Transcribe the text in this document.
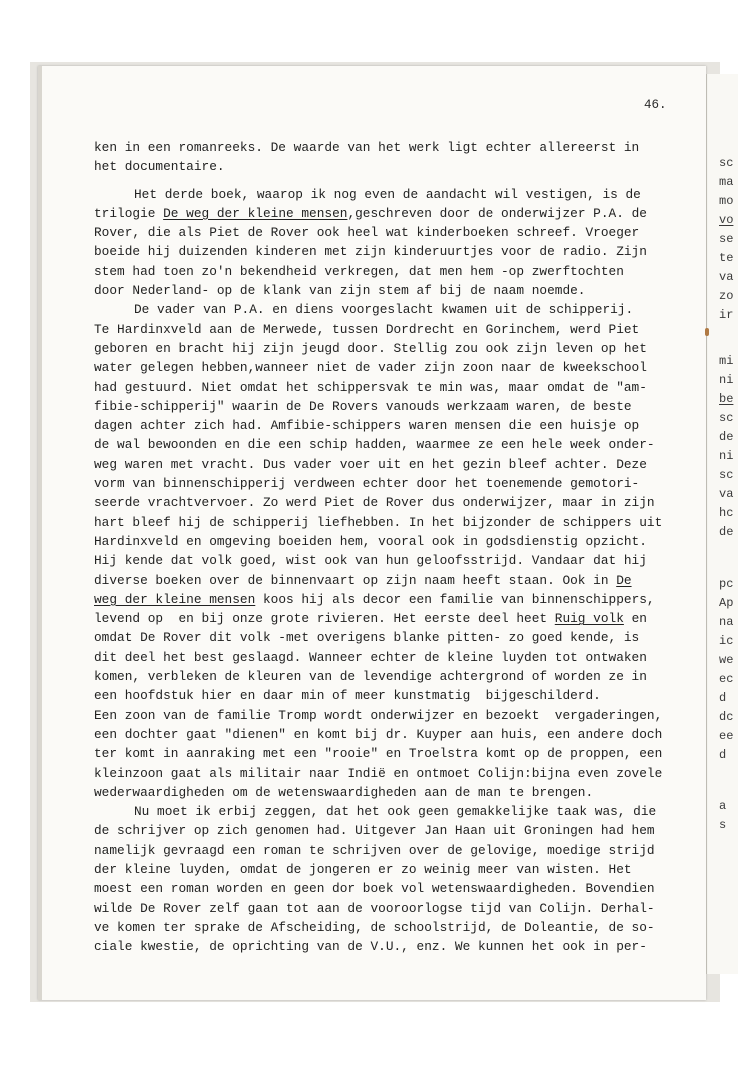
sc
ma
mo
vo
se
te
va
zo
ir
mi
ni
be
sc
de
ni
sc
va
hc
de
pc
Ap
na
ic
we
ec
d
dc
ee
d
a
s
46.
ken in een romanreeks. De waarde van het werk ligt echter allereerst in
het documentaire.
Het derde boek, waarop ik nog even de aandacht wil vestigen, is de
trilogie De weg der kleine mensen,geschreven door de onderwijzer P.A. de
Rover, die als Piet de Rover ook heel wat kinderboeken schreef. Vroeger
boeide hij duizenden kinderen met zijn kinderuurtjes voor de radio. Zijn
stem had toen zo'n bekendheid verkregen, dat men hem -op zwerftochten
door Nederland- op de klank van zijn stem af bij de naam noemde.
De vader van P.A. en diens voorgeslacht kwamen uit de schipperij.
Te Hardinxveld aan de Merwede, tussen Dordrecht en Gorinchem, werd Piet
geboren en bracht hij zijn jeugd door. Stellig zou ook zijn leven op het
water gelegen hebben,wanneer niet de vader zijn zoon naar de kweekschool
had gestuurd. Niet omdat het schippersvak te min was, maar omdat de "am-
fibie-schipperij" waarin de De Rovers vanouds werkzaam waren, de beste
dagen achter zich had. Amfibie-schippers waren mensen die een huisje op
de wal bewoonden en die een schip hadden, waarmee ze een hele week onder-
weg waren met vracht. Dus vader voer uit en het gezin bleef achter. Deze
vorm van binnenschipperij verdween echter door het toenemende gemotori-
seerde vrachtvervoer. Zo werd Piet de Rover dus onderwijzer, maar in zijn
hart bleef hij de schipperij liefhebben. In het bijzonder de schippers uit
Hardinxveld en omgeving boeiden hem, vooral ook in godsdienstig opzicht.
Hij kende dat volk goed, wist ook van hun geloofsstrijd. Vandaar dat hij
diverse boeken over de binnenvaart op zijn naam heeft staan. Ook in De
weg der kleine mensen koos hij als decor een familie van binnenschippers,
levend op  en bij onze grote rivieren. Het eerste deel heet Ruig volk en
omdat De Rover dit volk -met overigens blanke pitten- zo goed kende, is
dit deel het best geslaagd. Wanneer echter de kleine luyden tot ontwaken
komen, verbleken de kleuren van de levendige achtergrond of worden ze in
een hoofdstuk hier en daar min of meer kunstmatig  bijgeschilderd.
Een zoon van de familie Tromp wordt onderwijzer en bezoekt  vergaderingen,
een dochter gaat "dienen" en komt bij dr. Kuyper aan huis, een andere doch
ter komt in aanraking met een "rooie" en Troelstra komt op de proppen, een
kleinzoon gaat als militair naar Indië en ontmoet Colijn:bijna even zovele
wederwaardigheden om de wetenswaardigheden aan de man te brengen.
Nu moet ik erbij zeggen, dat het ook geen gemakkelijke taak was, die
de schrijver op zich genomen had. Uitgever Jan Haan uit Groningen had hem
namelijk gevraagd een roman te schrijven over de gelovige, moedige strijd
der kleine luyden, omdat de jongeren er zo weinig meer van wisten. Het
moest een roman worden en geen dor boek vol wetenswaardigheden. Bovendien
wilde De Rover zelf gaan tot aan de vooroorlogse tijd van Colijn. Derhal-
ve komen ter sprake de Afscheiding, de schoolstrijd, de Doleantie, de so-
ciale kwestie, de oprichting van de V.U., enz. We kunnen het ook in per-
